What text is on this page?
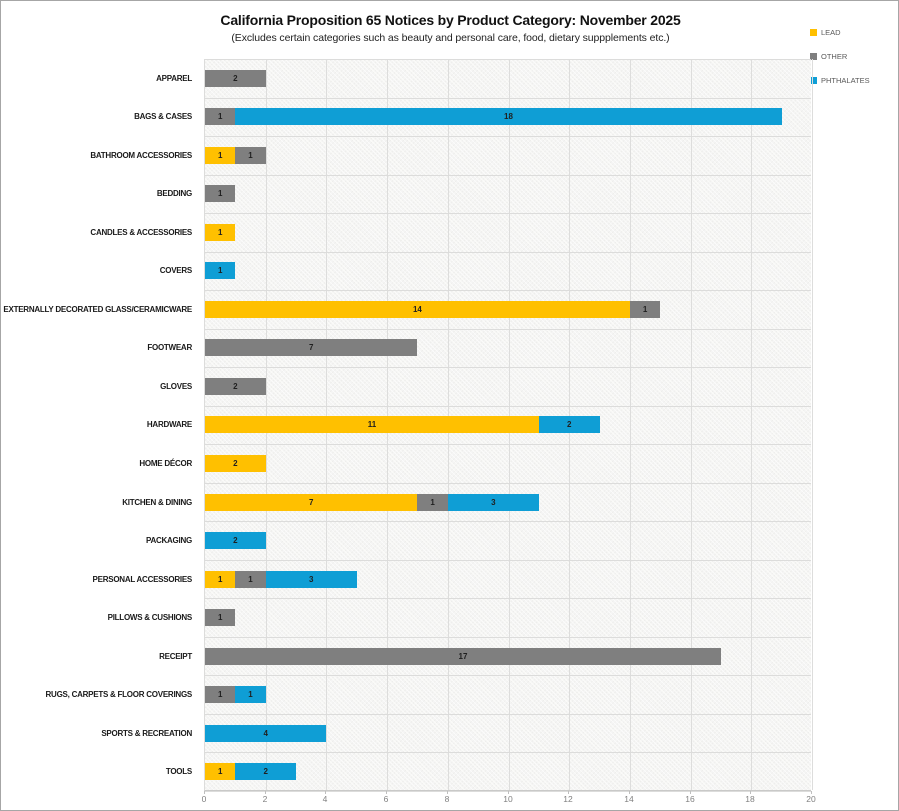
California Proposition 65 Notices by Product Category: November 2025
(Excludes certain categories such as beauty and personal care, food, dietary suppplements etc.)	LEAD
OTHER
PHTHALATES
APPAREL
BAGS & CASES
BATHROOM ACCESSORIES
BEDDING
CANDLES & ACCESSORIES
COVERS
EXTERNALLY DECORATED GLASS/CERAMICWARE
FOOTWEAR
GLOVES
HARDWARE
HOME DÉCOR
KITCHEN & DINING
PACKAGING
PERSONAL ACCESSORIES
PILLOWS & CUSHIONS
RECEIPT
RUGS, CARPETS & FLOOR COVERINGS
SPORTS & RECREATION
TOOLS
2
1	18
1	1
1
1
1
14	1
7
2
11	2
2
7	1	3
2
1	1	3
1
17
1	1
4
1	2
0	2	4	6	8	10	12	14	16	18	20
